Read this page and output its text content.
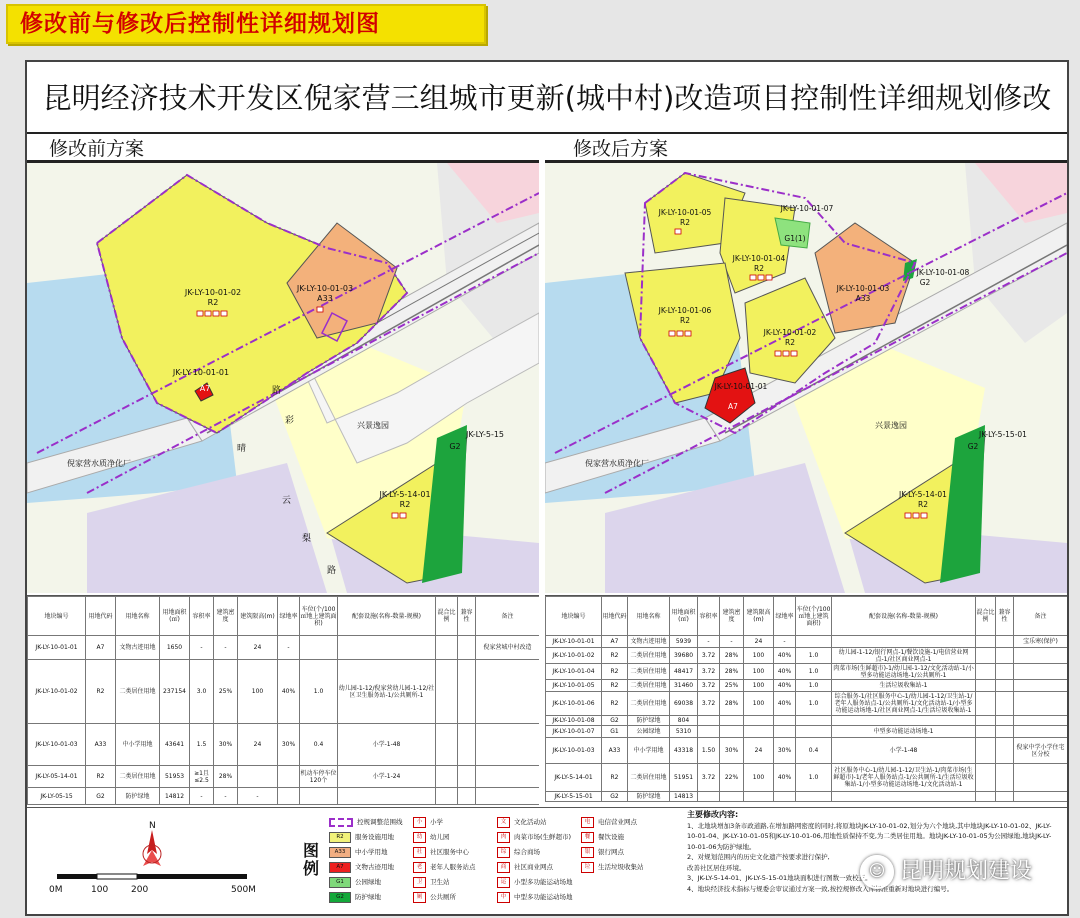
修改前与修改后控制性详细规划图
昆明经济技术开发区倪家营三组城市更新(城中村)改造项目控制性详细规划修改
修改前方案	修改后方案
倪家营水质净化厂
兴景逸园
晴
彩
路
云
梨
路
JK-LY-10-01-02
R2
JK-LY-10-01-03
A33
JK-LY-10-01-01
A7
JK-LY-5-14-01
R2
JK-LY-5-15
G2
倪家营水质净化厂
兴景逸园
JK-LY-10-01-05
R2
JK-LY-10-01-07
G1(1)
JK-LY-10-01-04
R2
JK-LY-10-01-03
A33
JK-LY-10-01-08
G2
JK-LY-10-01-06
R2
JK-LY-10-01-02
R2
JK-LY-10-01-01
A7
JK-LY-5-14-01
R2
JK-LY-5-15-01
G2
地块编号	用地代码	用地名称	用地面积(㎡)	容积率	建筑密度	建筑限高(m)	绿地率	车位(个/100㎡地上建筑面积)	配套设施(名称-数量-规模)	混合比例	兼容性	备注
JK-LY-10-01-01	A7	文物古迹用地	1650	-	-	24	-					倪家营城中村改造
JK-LY-10-01-02	R2	二类居住用地	237154	3.0	25%	100	40%	1.0	幼儿园-1-12/倪家营幼儿园-1-12/社区卫生服务站-1/公共厕所-1			
JK-LY-10-01-03	A33	中小学用地	43641	1.5	30%	24	30%	0.4	小学-1-48			
JK-LY-05-14-01	R2	二类居住用地	51953	≥1且≤2.5	28%			机动车停车位120个	小学-1-24			
JK-LY-05-15	G2	防护绿地	14812	-	-	-						
地块编号	用地代码	用地名称	用地面积(㎡)	容积率	建筑密度	建筑限高(m)	绿地率	车位(个/100㎡地上建筑面积)	配套设施(名称-数量-规模)	混合比例	兼容性	备注
JK-LY-10-01-01	A7	文物古迹用地	5939	-	-	24	-					宝乐寒(保护)
JK-LY-10-01-02	R2	二类居住用地	39680	3.72	28%	100	40%	1.0	幼儿园-1-12/银行网点-1/餐饮设施-1/电信营业网点-1/社区商业网点-1			
JK-LY-10-01-04	R2	二类居住用地	48417	3.72	28%	100	40%	1.0	肉菜市场(生鲜超市)-1/幼儿园-1-12/文化活动站-1/小型多功能运动场地-1/公共厕所-1			
JK-LY-10-01-05	R2	二类居住用地	31460	3.72	25%	100	40%	1.0	生活垃圾收集站-1			
JK-LY-10-01-06	R2	二类居住用地	69038	3.72	28%	100	40%	1.0	综合服务-1/社区服务中心-1/幼儿园-1-12/卫生站-1/老年人服务站点-1/公共厕所-1/文化活动站-1/小型多功能运动场地-1/社区商业网点-1/生活垃圾收集站-1			
JK-LY-10-01-08	G2	防护绿地	804									
JK-LY-10-01-07	G1	公园绿地	5310						中型多功能运动场地-1			
JK-LY-10-01-03	A33	中小学用地	43318	1.50	30%	24	30%	0.4	小学-1-48			倪家中学小学住宅区分校
JK-LY-5-14-01	R2	二类居住用地	51951	3.72	22%	100	40%	1.0	社区服务中心-1/幼儿园-1-12/卫生站-1/肉菜市场(生鲜超市)-1/老年人服务站点-1/公共厕所-1/生活垃圾收集站-1/小型多功能运动场地-1/文化活动站-1			
JK-LY-5-15-01	G2	防护绿地	14813									
N
0M	100	200	500M
图例
控规调整范围线
R2 服务设施用地
A33 中小学用地
A7 文物古迹用地
G1 公园绿地
G2 防护绿地
小 小学
幼 幼儿园
社 社区服务中心
老 老年人服务站点
卫 卫生站
厕 公共厕所
文 文化活动站
肉 肉菜市场(生鲜超市)
综 综合商场
商 社区商业网点
运 小型多功能运动场地
中 中型多功能运动场地
电 电信营业网点
餐 餐饮设施
银 银行网点
垃 生活垃圾收集站
主要修改内容:
1、北地块增加3条市政道路,在增加路网密度的同时,将原地块JK-LY-10-01-02,划分为六个地块,其中地块JK-LY-10-01-02、JK-LY-10-01-04、JK-LY-10-01-05和JK-LY-10-01-06,用地性质保持不变,为二类居住用地。地块JK-LY-10-01-05为公园绿地,地块JK-LY-10-01-06为防护绿地。
2、对规划范围内的历史文化遗产按要求进行保护,
改善社区居住环境。
3、JK-LY-5-14-01、JK-LY-5-15-01地块面积进行图数一致校正。
4、地块经济技术指标与规委会审议通过方案一致,按控规修改入库标准重新对地块进行编号。
☺ 昆明规划建设
